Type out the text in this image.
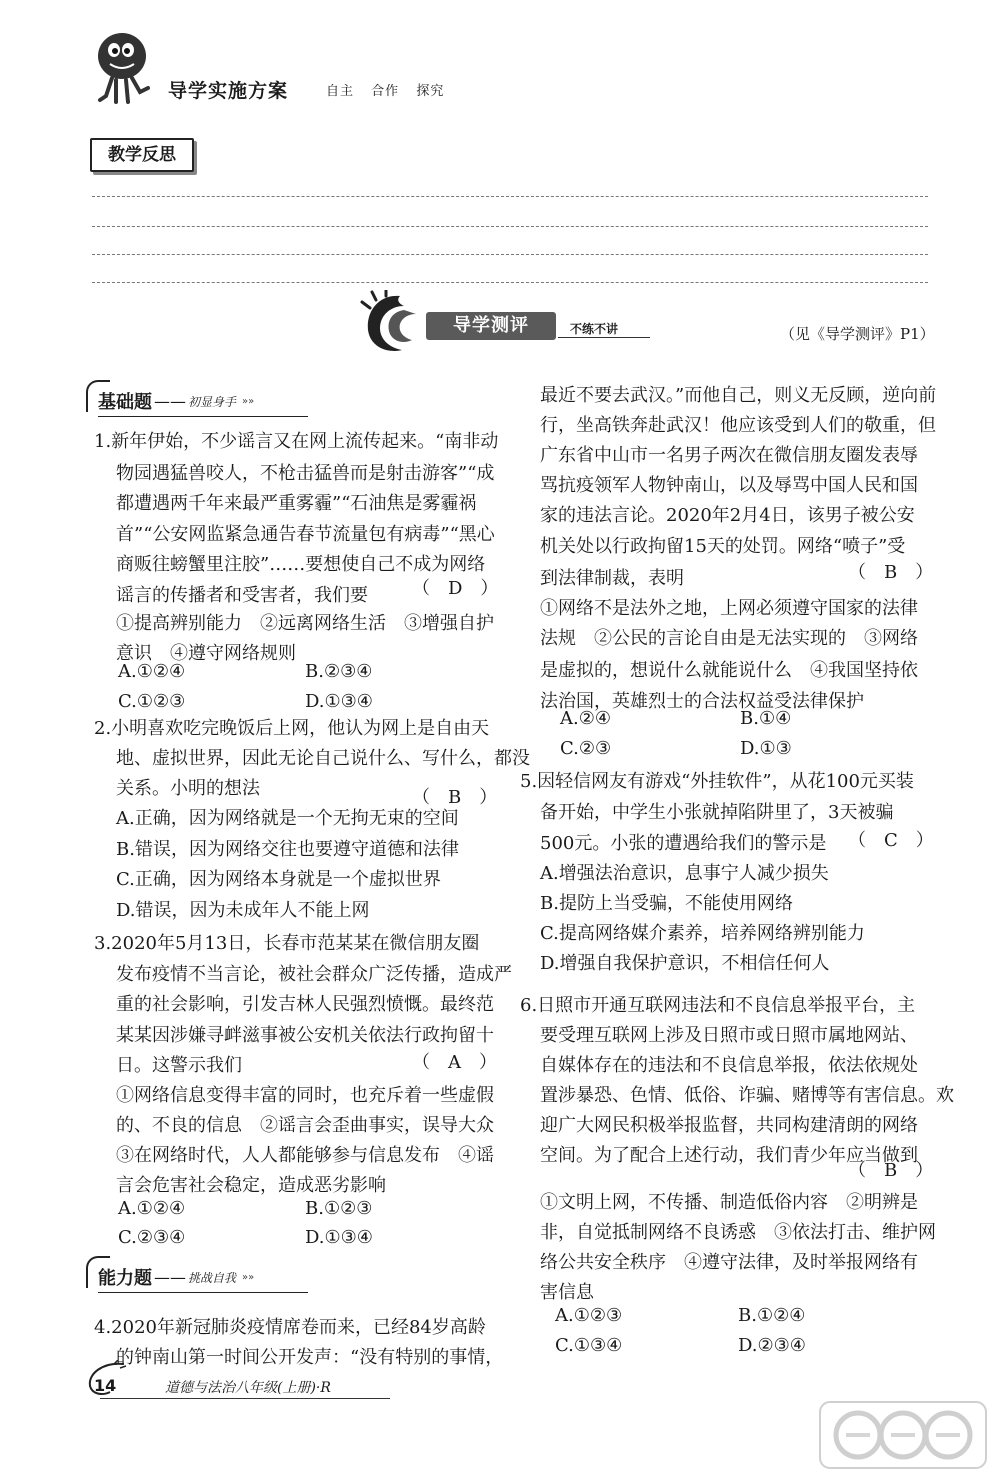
导学实施方案	自主 合作 探究
教学反思
导学测评	不练不讲	（见《导学测评》P1）
基础题 —— 初显身手 »»
1.新年伊始，不少谣言又在网上流传起来。“南非动
物园遇猛兽咬人，不枪击猛兽而是射击游客”“成
都遭遇两千年来最严重雾霾”“石油焦是雾霾祸
首”“公安网监紧急通告春节流量包有病毒”“黑心
商贩往螃蟹里注胶”……要想使自己不成为网络
谣言的传播者和受害者，我们要
①提高辨别能力　②远离网络生活　③增强自护
意识　④遵守网络规则
2.小明喜欢吃完晚饭后上网，他认为网上是自由天
地、虚拟世界，因此无论自己说什么、写什么，都没
关系。小明的想法
A.正确，因为网络就是一个无拘无束的空间
B.错误，因为网络交往也要遵守道德和法律
C.正确，因为网络本身就是一个虚拟世界
D.错误，因为未成年人不能上网
3.2020年5月13日，长春市范某某在微信朋友圈
发布疫情不当言论，被社会群众广泛传播，造成严
重的社会影响，引发吉林人民强烈愤慨。最终范
某某因涉嫌寻衅滋事被公安机关依法行政拘留十
日。这警示我们
①网络信息变得丰富的同时，也充斥着一些虚假
的、不良的信息　②谣言会歪曲事实，误导大众
③在网络时代，人人都能够参与信息发布　④谣
言会危害社会稳定，造成恶劣影响
4.2020年新冠肺炎疫情席卷而来，已经84岁高龄
的钟南山第一时间公开发声：“没有特别的事情，
（　D　）
（　B　）
（　A　）
A.①②④	B.②③④
C.①②③	D.①③④
A.①②④	B.①②③
C.②③④	D.①③④
能力题 —— 挑战自我 »»
最近不要去武汉。”而他自己，则义无反顾，逆向前
行，坐高铁奔赴武汉！他应该受到人们的敬重，但
广东省中山市一名男子两次在微信朋友圈发表辱
骂抗疫领军人物钟南山，以及辱骂中国人民和国
家的违法言论。2020年2月4日，该男子被公安
机关处以行政拘留15天的处罚。网络“喷子”受
到法律制裁，表明
①网络不是法外之地，上网必须遵守国家的法律
法规　②公民的言论自由是无法实现的　③网络
是虚拟的，想说什么就能说什么　④我国坚持依
法治国，英雄烈士的合法权益受法律保护
5.因轻信网友有游戏“外挂软件”，从花100元买装
备开始，中学生小张就掉陷阱里了，3天被骗
500元。小张的遭遇给我们的警示是
A.增强法治意识，息事宁人减少损失
B.提防上当受骗，不能使用网络
C.提高网络媒介素养，培养网络辨别能力
D.增强自我保护意识，不相信任何人
6.日照市开通互联网违法和不良信息举报平台，主
要受理互联网上涉及日照市或日照市属地网站、
自媒体存在的违法和不良信息举报，依法依规处
置涉暴恐、色情、低俗、诈骗、赌博等有害信息。欢
迎广大网民积极举报监督，共同构建清朗的网络
空间。为了配合上述行动，我们青少年应当做到
①文明上网，不传播、制造低俗内容　②明辨是
非，自觉抵制网络不良诱惑　③依法打击、维护网
络公共安全秩序　④遵守法律，及时举报网络有
害信息
（　B　）
（　C　）
（　B　）
A.②④	B.①④
C.②③	D.①③
A.①②③	B.①②④
C.①③④	D.②③④
14	道德与法治八年级(上册)·R
